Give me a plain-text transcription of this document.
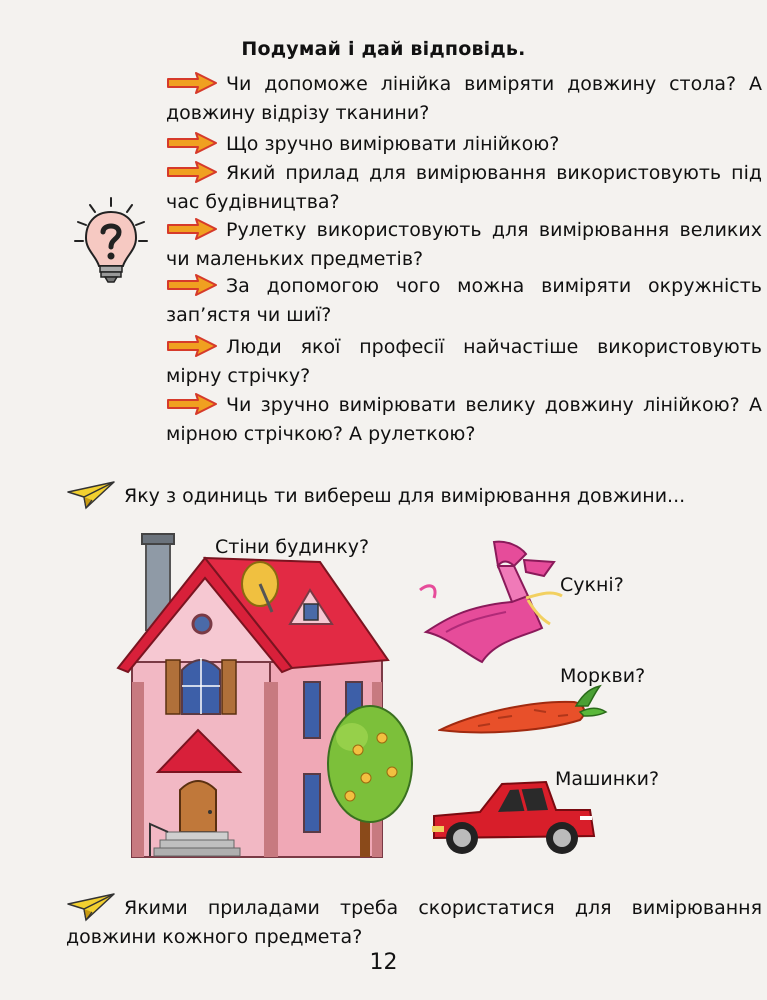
Подумай і дай відповідь.
Чи допоможе лінійка виміряти довжину стола? А довжину відрізу тканини?
Що зручно вимірювати лінійкою?
Який прилад для вимірювання використовують під час будівництва?
Рулетку використовують для вимірювання великих чи маленьких предметів?
За допомогою чого можна виміряти окружність зап’ястя чи шиї?
Люди якої професії найчастіше використовують мірну стрічку?
Чи зручно вимірювати велику довжину лінійкою? А мірною стрічкою? А рулеткою?
Яку з одиниць ти вибереш для вимірювання довжини...
Стіни будинку?
Сукні?
Моркви?
Машинки?
Якими приладами треба скористатися для вимірювання довжини кожного предмета?
12
